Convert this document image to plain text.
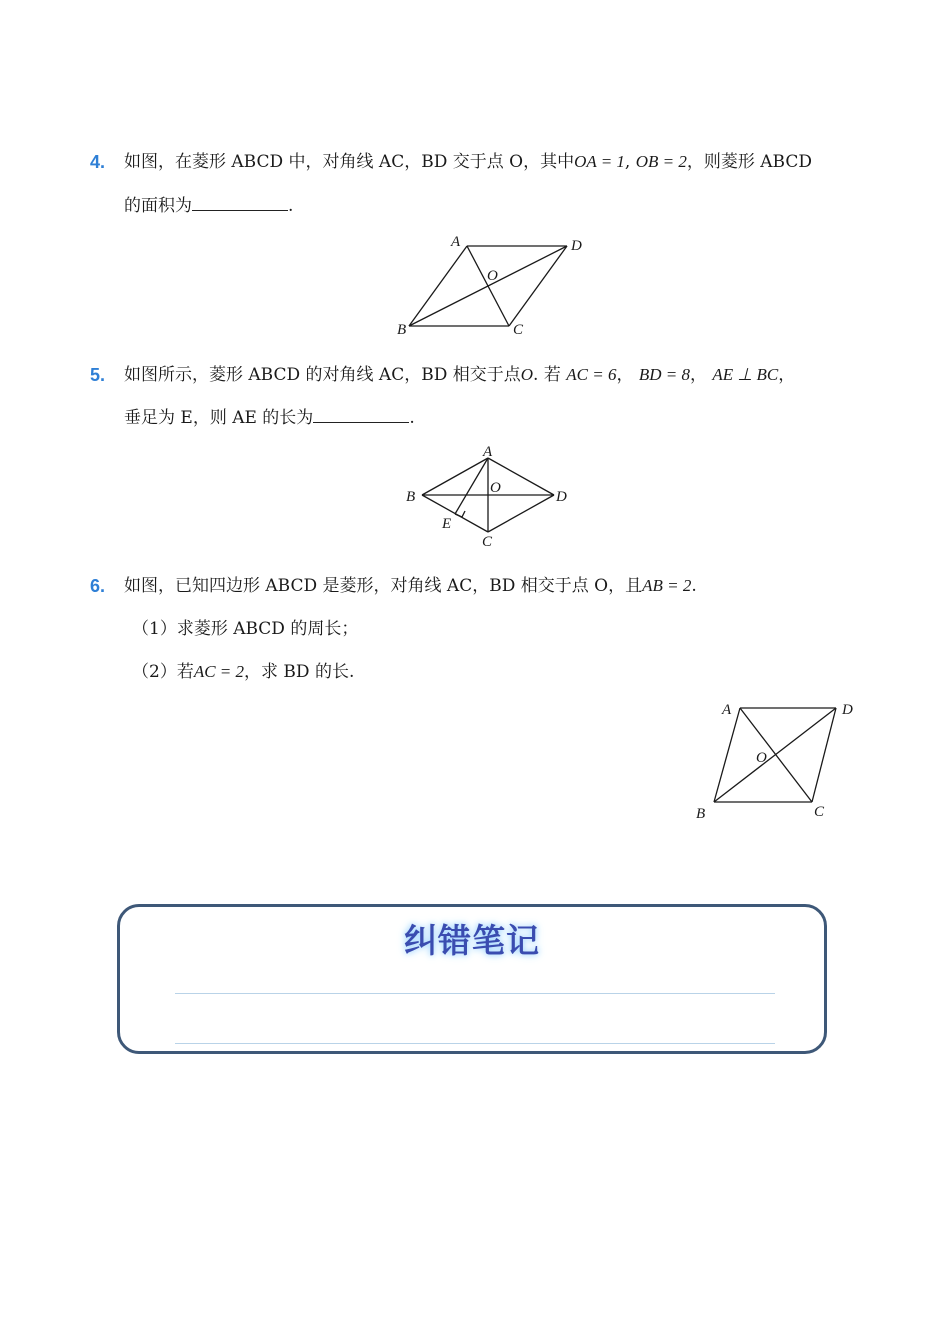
4. 如图，在菱形 ABCD 中，对角线 AC，BD 交于点 O，其中OA = 1, OB = 2，则菱形 ABCD
的面积为	.
A	D
O
B	C
5. 如图所示，菱形 ABCD 的对角线 AC，BD 相交于点O. 若 AC = 6， BD = 8， AE ⊥ BC，
垂足为 E，则 AE 的长为	.
A
B
O
D
E
C
6. 如图，已知四边形 ABCD 是菱形，对角线 AC，BD 相交于点 O，且AB = 2.
（1）求菱形 ABCD 的周长；
（2）若AC = 2，求 BD 的长.
A	D
O
B	C
纠错笔记
